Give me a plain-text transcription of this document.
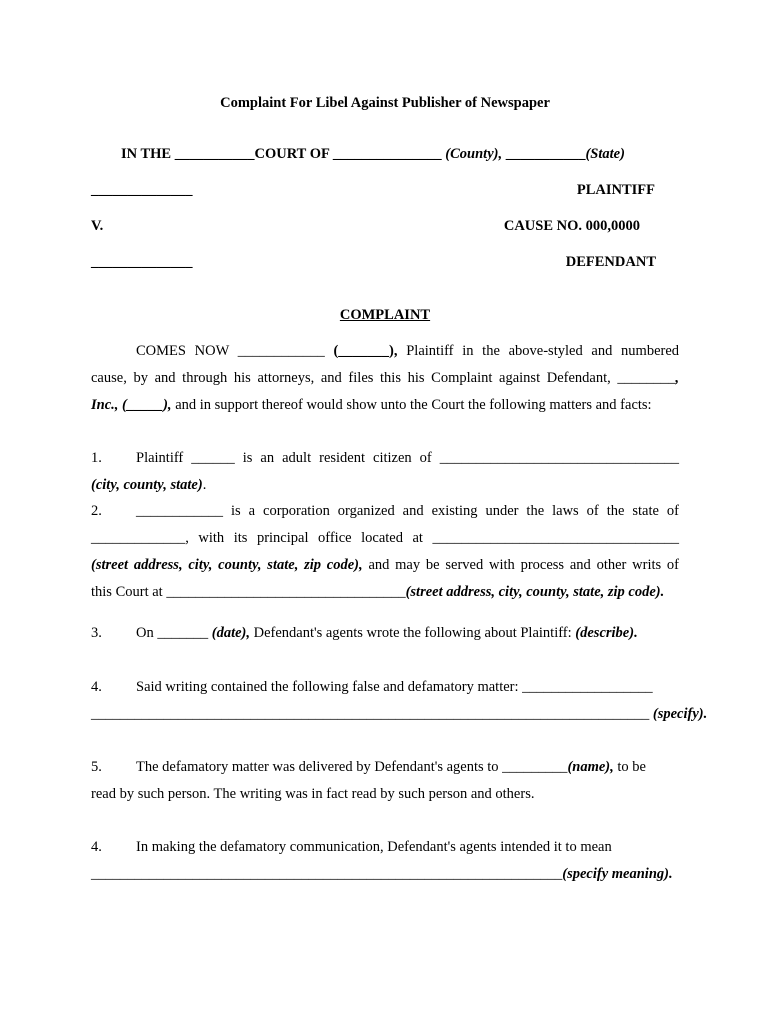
Complaint For Libel Against Publisher of Newspaper
IN THE ___________COURT OF _______________ (County), ___________(State)
______________	PLAINTIFF
V.	CAUSE NO. 000,0000
______________	DEFENDANT
COMPLAINT
COMES NOW ____________ (_______), Plaintiff in the above-styled and numbered
cause, by and through his attorneys, and files this his Complaint against Defendant, ________,
Inc., (_____), and in support thereof would show unto the Court the following matters and facts:
1. Plaintiff ______ is an adult resident citizen of _________________________________
(city, county, state).
2. ____________ is a corporation organized and existing under the laws of the state of
_____________, with its principal office located at __________________________________
(street address, city, county, state, zip code), and may be served with process and other writs of
this Court at _________________________________(street address, city, county, state, zip code).
3. On _______ (date), Defendant's agents wrote the following about Plaintiff: (describe).
4. Said writing contained the following false and defamatory matter: __________________
_____________________________________________________________________________ (specify).
5. The defamatory matter was delivered by Defendant's agents to _________(name), to be
read by such person. The writing was in fact read by such person and others.
4. In making the defamatory communication, Defendant's agents intended it to mean
_________________________________________________________________(specify meaning).
